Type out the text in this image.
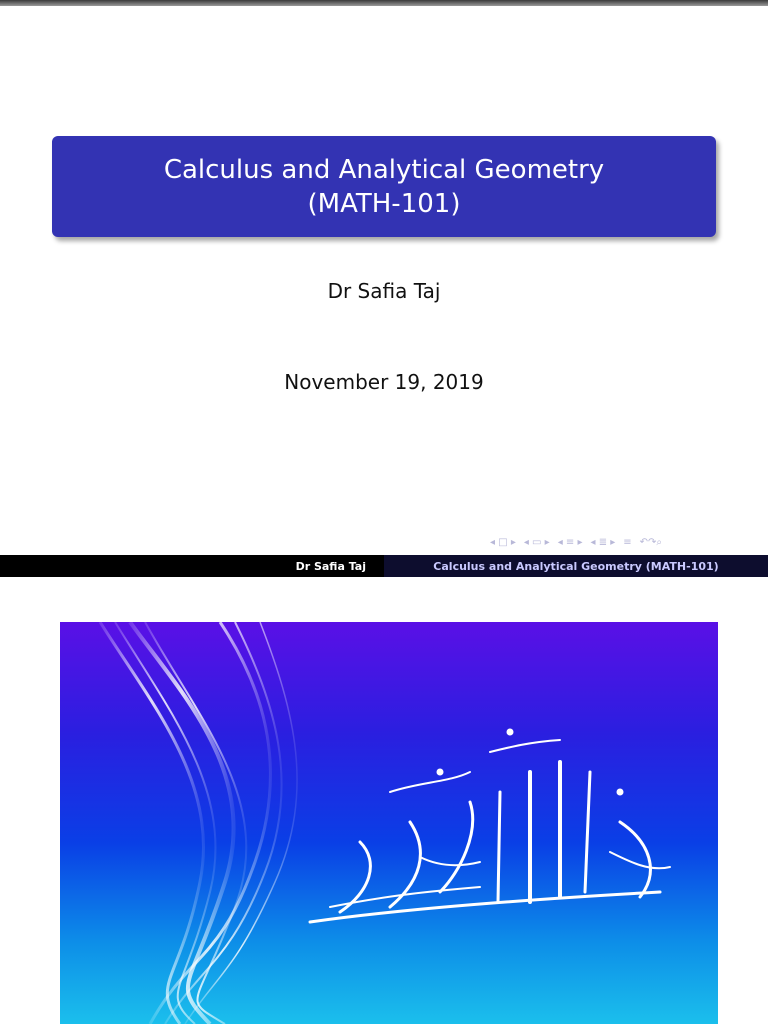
Calculus and Analytical Geometry
(MATH-101)
Dr Safia Taj
November 19, 2019
◂ □ ▸ ◂ ▭ ▸ ◂ ≡ ▸ ◂ ≣ ▸ ≡ ↶↷⌕
Dr Safia Taj	Calculus and Analytical Geometry (MATH-101)
